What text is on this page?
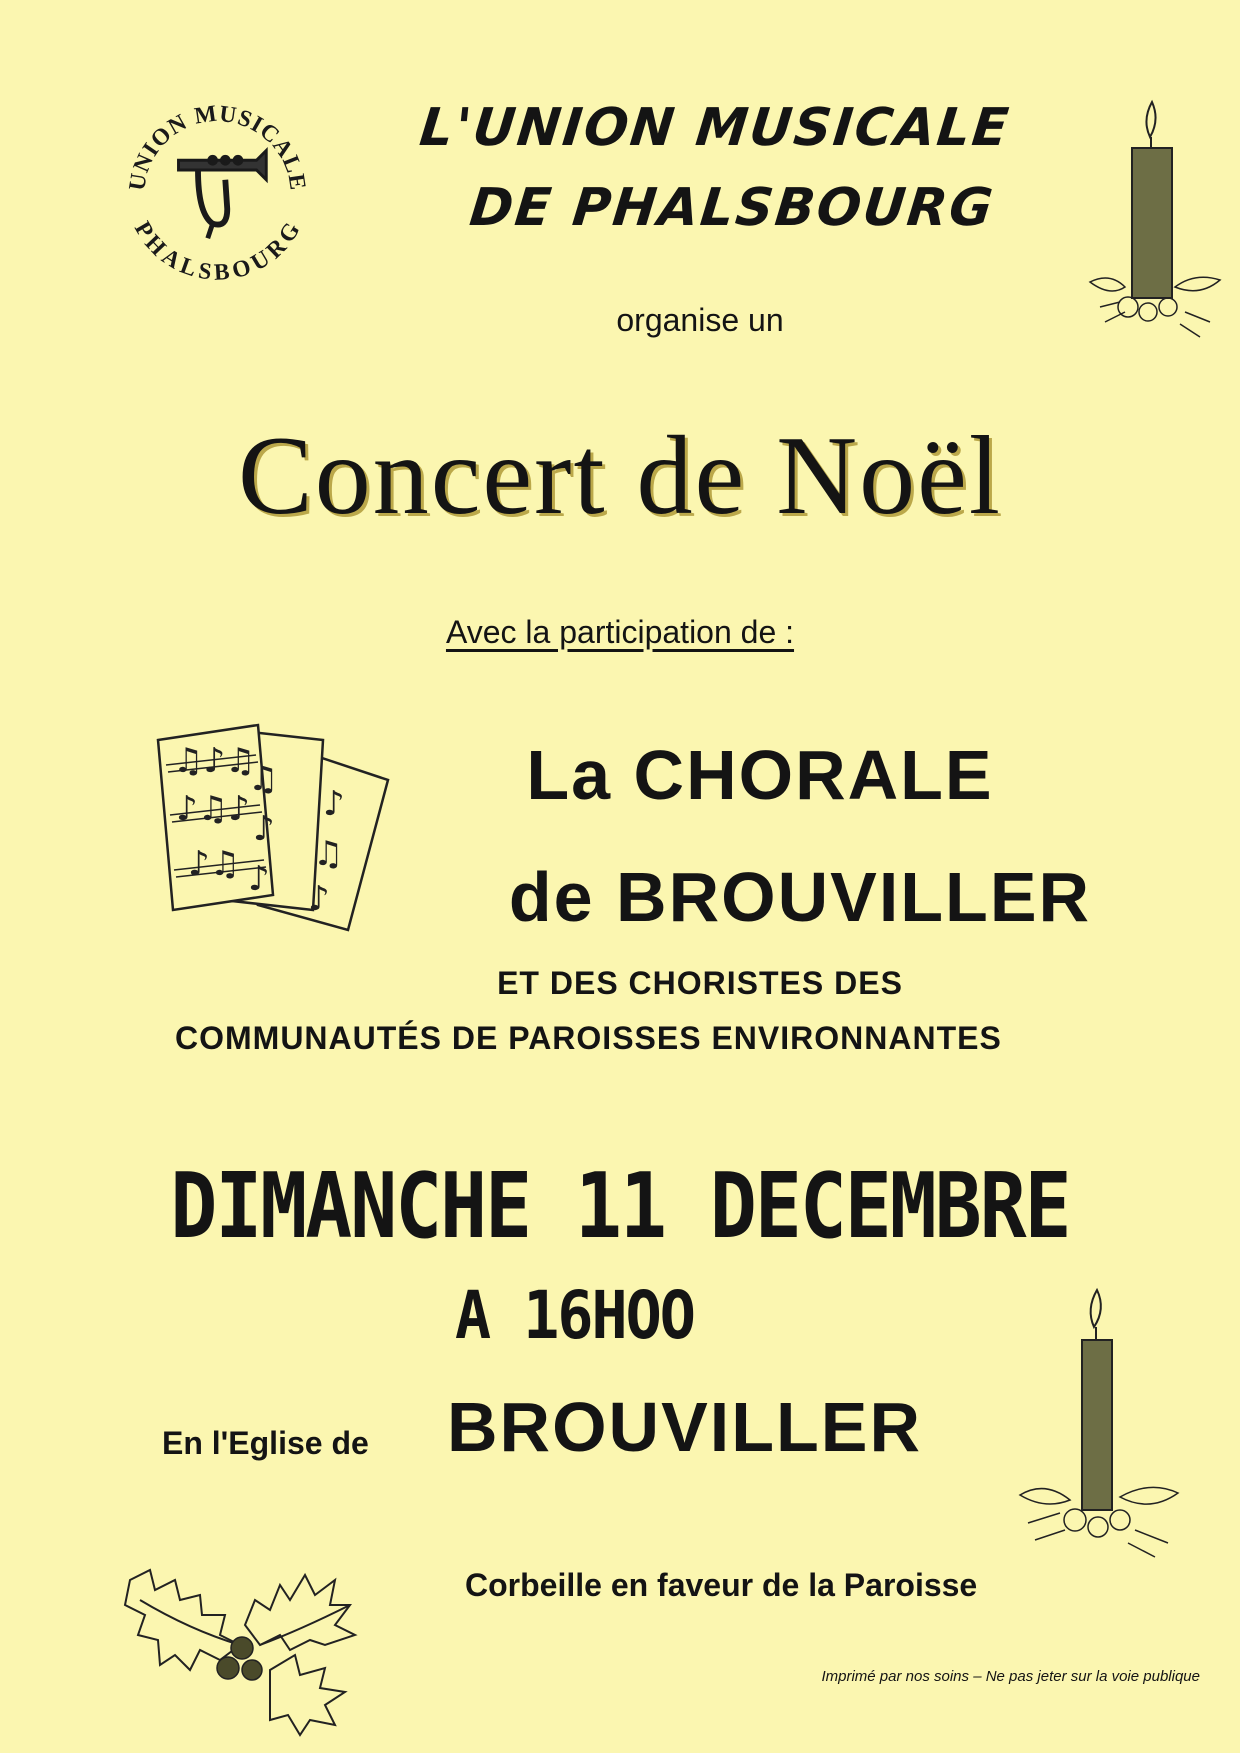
UNION MUSICALE
PHALSBOURG
L'UNION MUSICALE
DE PHALSBOURG
organise un
Concert de Noël
Avec la participation de :
♫♪♫
♪♫♪
♪♫
♫
♪
♪
♪
♫
♪
La CHORALE
de BROUVILLER
ET DES CHORISTES DES
COMMUNAUTÉS DE PAROISSES ENVIRONNANTES
DIMANCHE 11 DECEMBRE
A 16HOO
En l'Eglise de BROUVILLER
Corbeille en faveur de la Paroisse
Imprimé par nos soins – Ne pas jeter sur la voie publique
